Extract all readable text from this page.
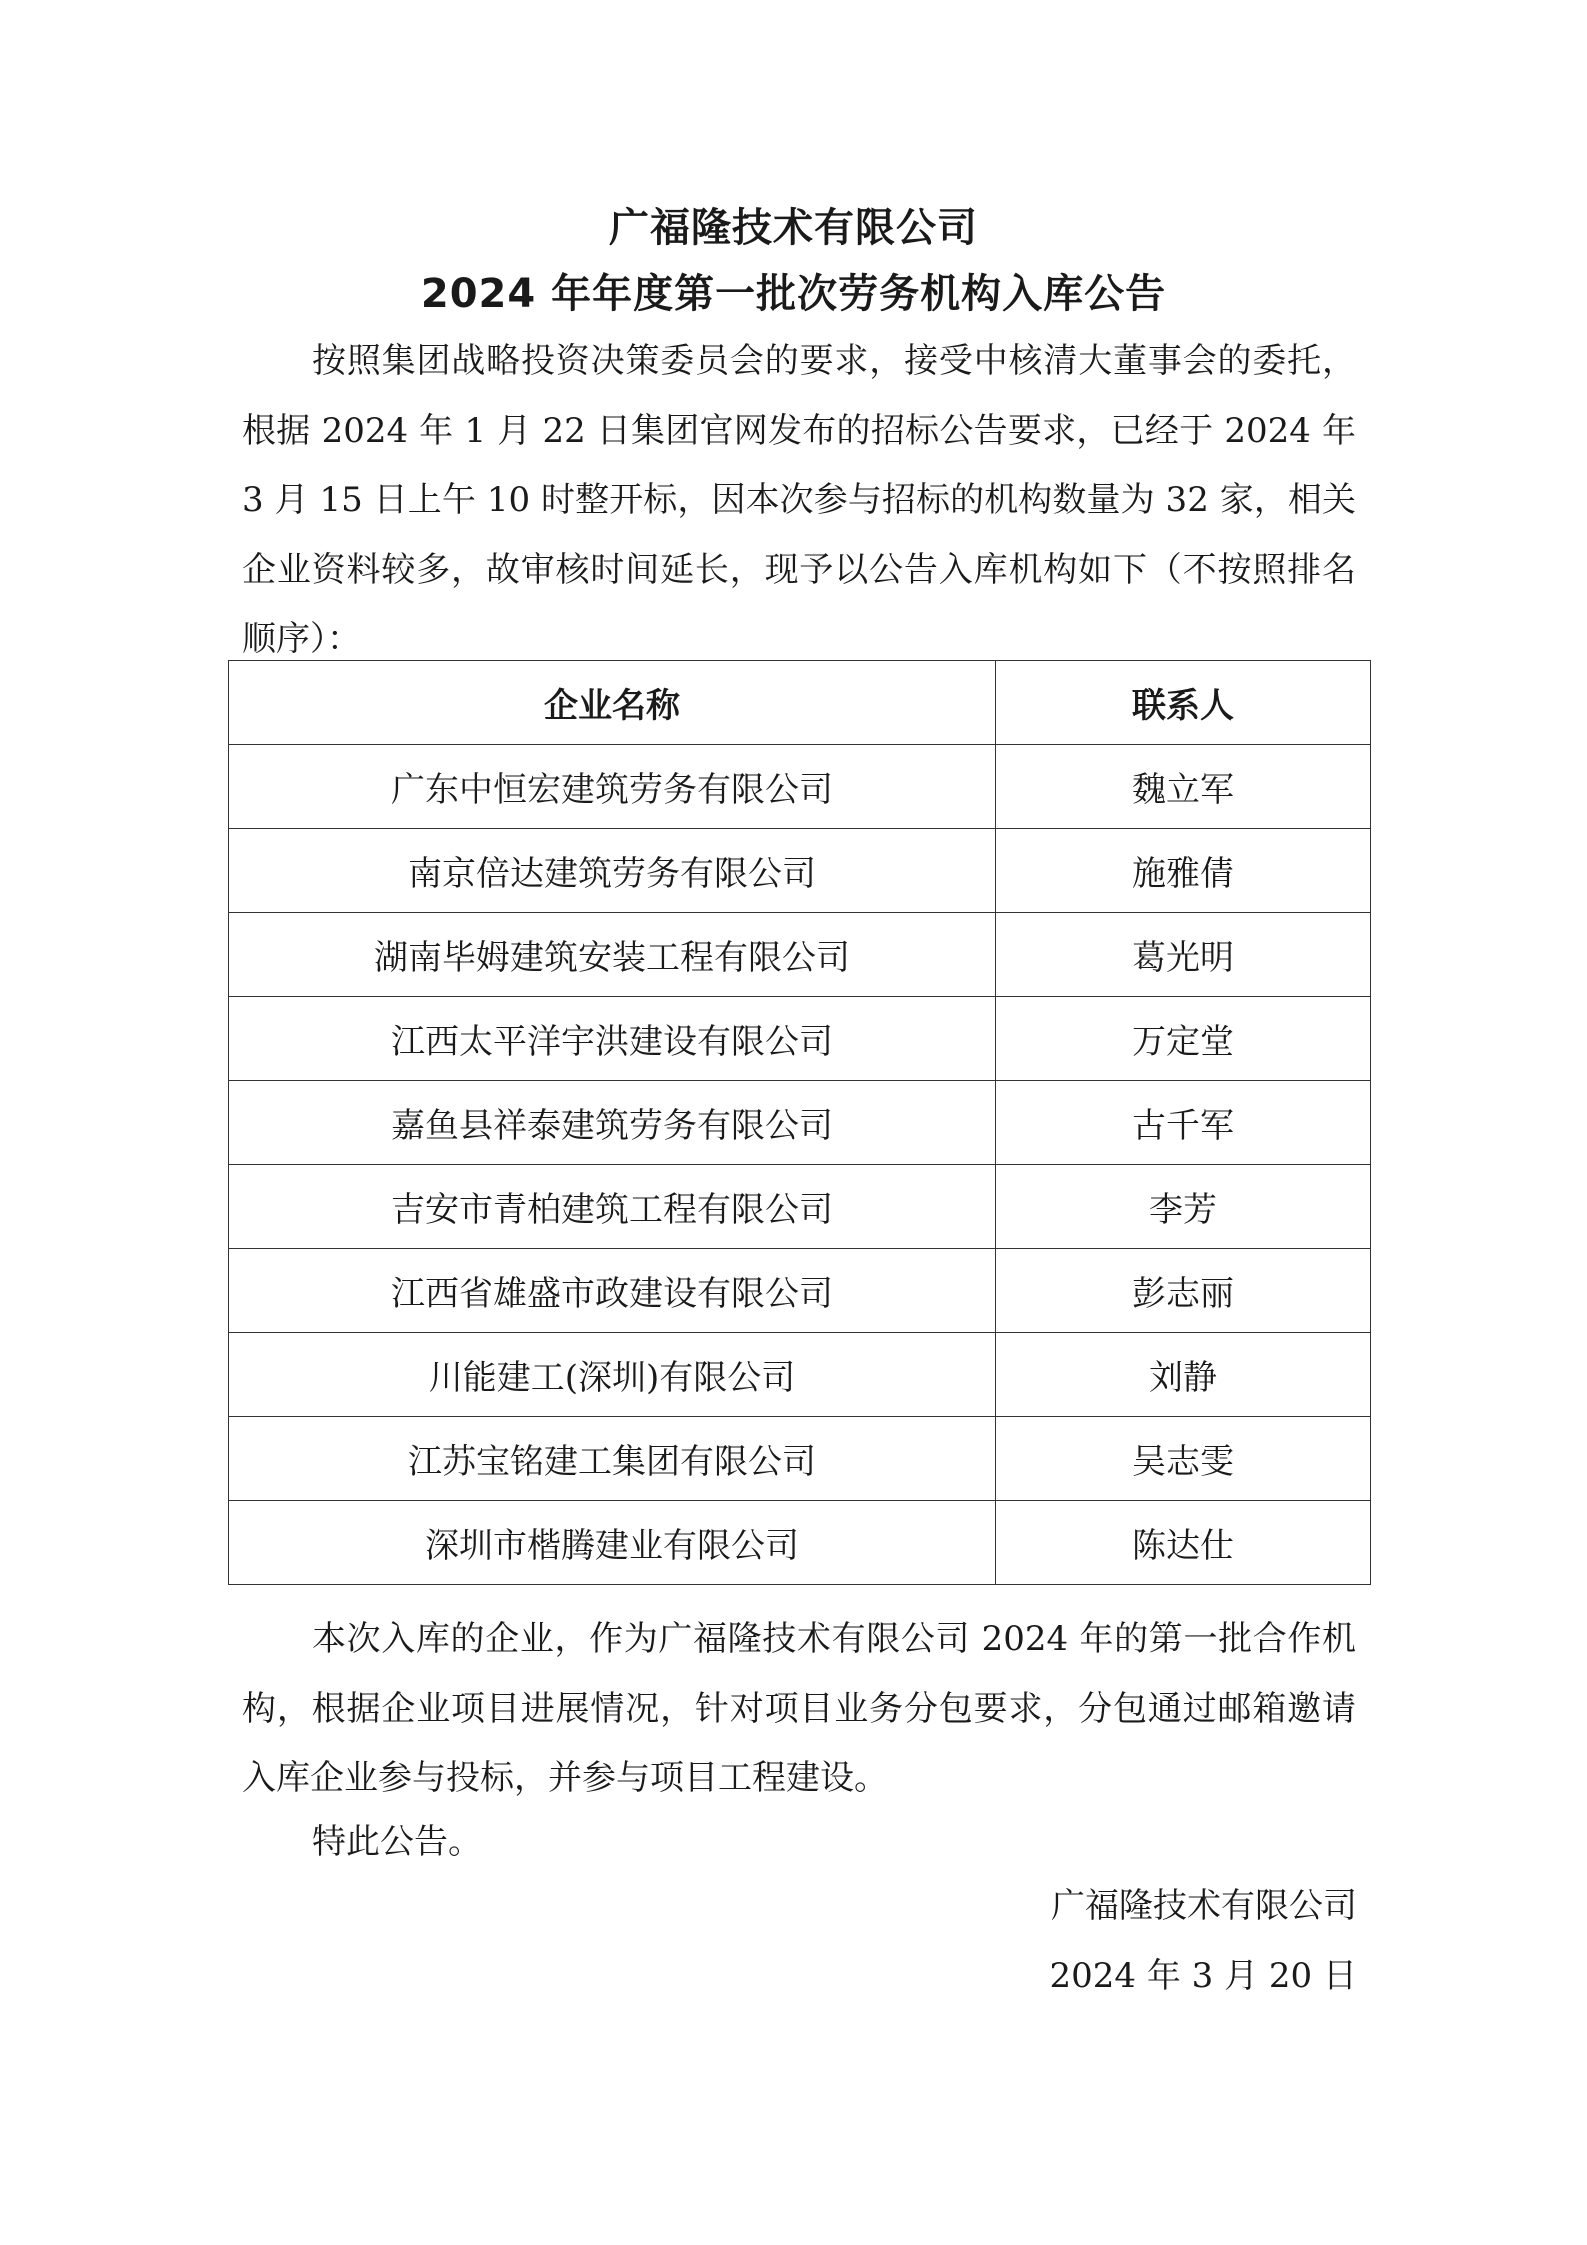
广福隆技术有限公司
2024 年年度第一批次劳务机构入库公告

按照集团战略投资决策委员会的要求，接受中核清大董事会的委托，根据 2024 年 1 月 22 日集团官网发布的招标公告要求，已经于 2024 年 3 月 15 日上午 10 时整开标，因本次参与招标的机构数量为 32 家，相关企业资料较多，故审核时间延长，现予以公告入库机构如下（不按照排名顺序）：

企业名称	联系人
广东中恒宏建筑劳务有限公司	魏立军
南京倍达建筑劳务有限公司	施雅倩
湖南毕姆建筑安装工程有限公司	葛光明
江西太平洋宇洪建设有限公司	万定堂
嘉鱼县祥泰建筑劳务有限公司	古千军
吉安市青柏建筑工程有限公司	李芳
江西省雄盛市政建设有限公司	彭志丽
川能建工(深圳)有限公司	刘静
江苏宝铭建工集团有限公司	吴志雯
深圳市楷腾建业有限公司	陈达仕

本次入库的企业，作为广福隆技术有限公司 2024 年的第一批合作机构，根据企业项目进展情况，针对项目业务分包要求，分包通过邮箱邀请入库企业参与投标，并参与项目工程建设。

特此公告。

广福隆技术有限公司
2024 年 3 月 20 日
